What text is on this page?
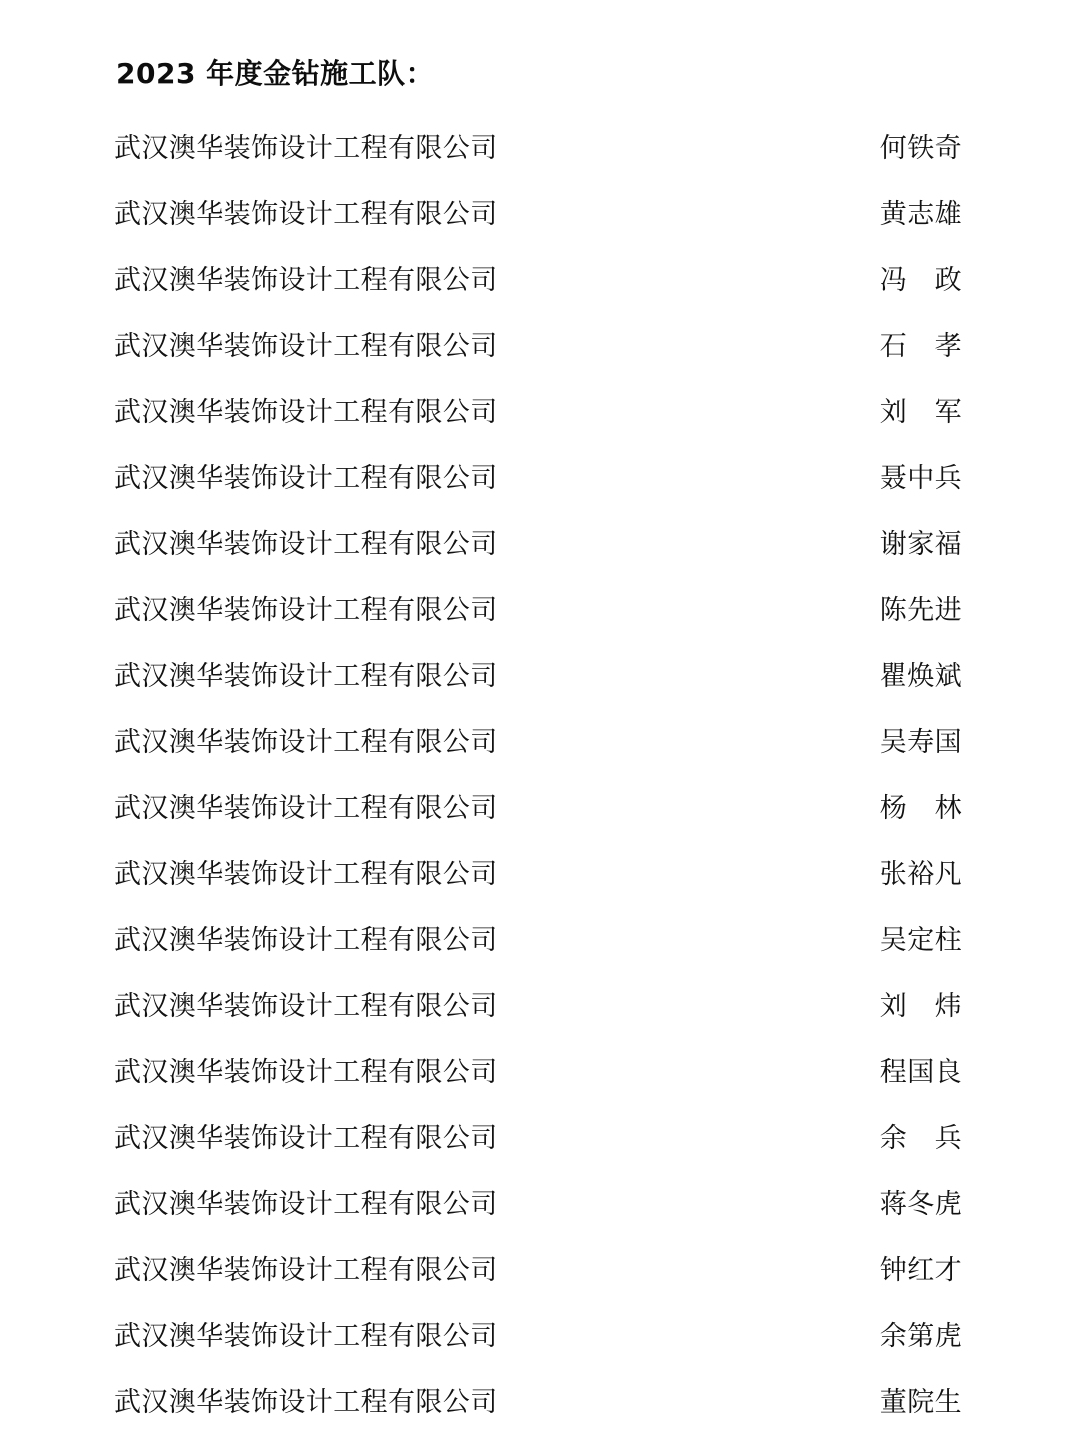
2023 年度金钻施工队：
武汉澳华装饰设计工程有限公司	何铁奇
武汉澳华装饰设计工程有限公司	黄志雄
武汉澳华装饰设计工程有限公司	冯　政
武汉澳华装饰设计工程有限公司	石　孝
武汉澳华装饰设计工程有限公司	刘　军
武汉澳华装饰设计工程有限公司	聂中兵
武汉澳华装饰设计工程有限公司	谢家福
武汉澳华装饰设计工程有限公司	陈先进
武汉澳华装饰设计工程有限公司	瞿焕斌
武汉澳华装饰设计工程有限公司	吴寿国
武汉澳华装饰设计工程有限公司	杨　林
武汉澳华装饰设计工程有限公司	张裕凡
武汉澳华装饰设计工程有限公司	吴定柱
武汉澳华装饰设计工程有限公司	刘　炜
武汉澳华装饰设计工程有限公司	程国良
武汉澳华装饰设计工程有限公司	余　兵
武汉澳华装饰设计工程有限公司	蒋冬虎
武汉澳华装饰设计工程有限公司	钟红才
武汉澳华装饰设计工程有限公司	余第虎
武汉澳华装饰设计工程有限公司	董院生
